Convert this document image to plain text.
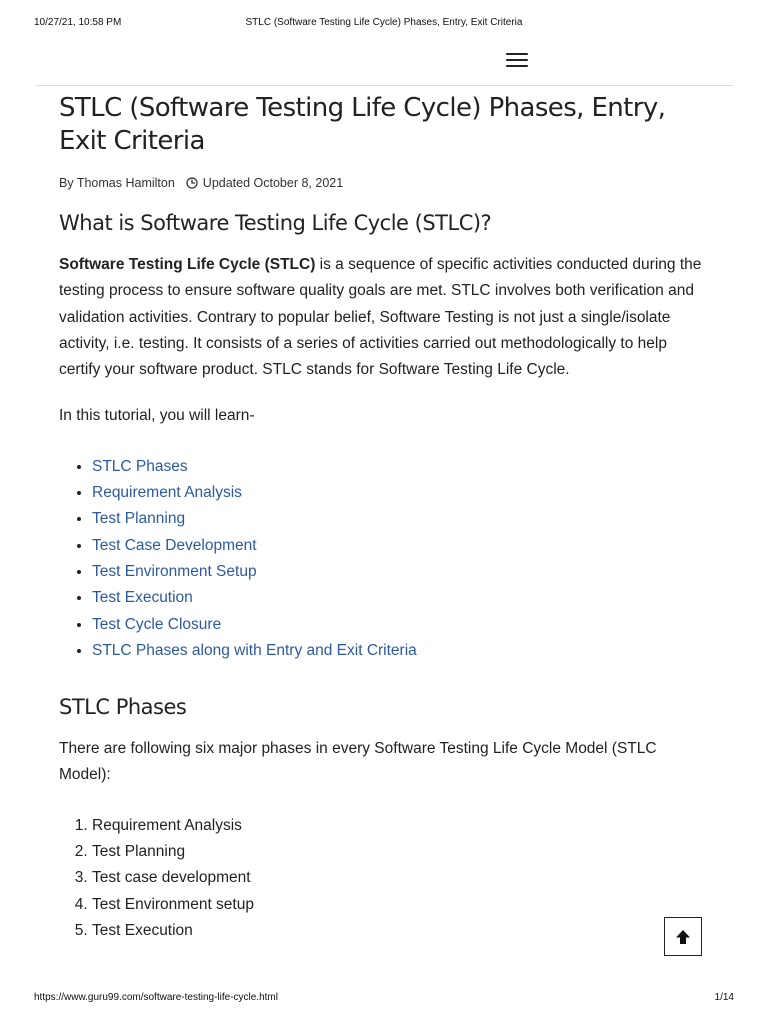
10/27/21, 10:58 PM	STLC (Software Testing Life Cycle) Phases, Entry, Exit Criteria
STLC (Software Testing Life Cycle) Phases, Entry, Exit Criteria
By Thomas Hamilton Updated October 8, 2021
What is Software Testing Life Cycle (STLC)?

Software Testing Life Cycle (STLC) is a sequence of specific activities conducted during the testing process to ensure software quality goals are met. STLC involves both verification and validation activities. Contrary to popular belief, Software Testing is not just a single/isolate activity, i.e. testing. It consists of a series of activities carried out methodologically to help certify your software product. STLC stands for Software Testing Life Cycle.

In this tutorial, you will learn-

• STLC Phases
• Requirement Analysis
• Test Planning
• Test Case Development
• Test Environment Setup
• Test Execution
• Test Cycle Closure
• STLC Phases along with Entry and Exit Criteria
STLC Phases

There are following six major phases in every Software Testing Life Cycle Model (STLC Model):

1. Requirement Analysis
2. Test Planning
3. Test case development
4. Test Environment setup
5. Test Execution
https://www.guru99.com/software-testing-life-cycle.html	1/14
